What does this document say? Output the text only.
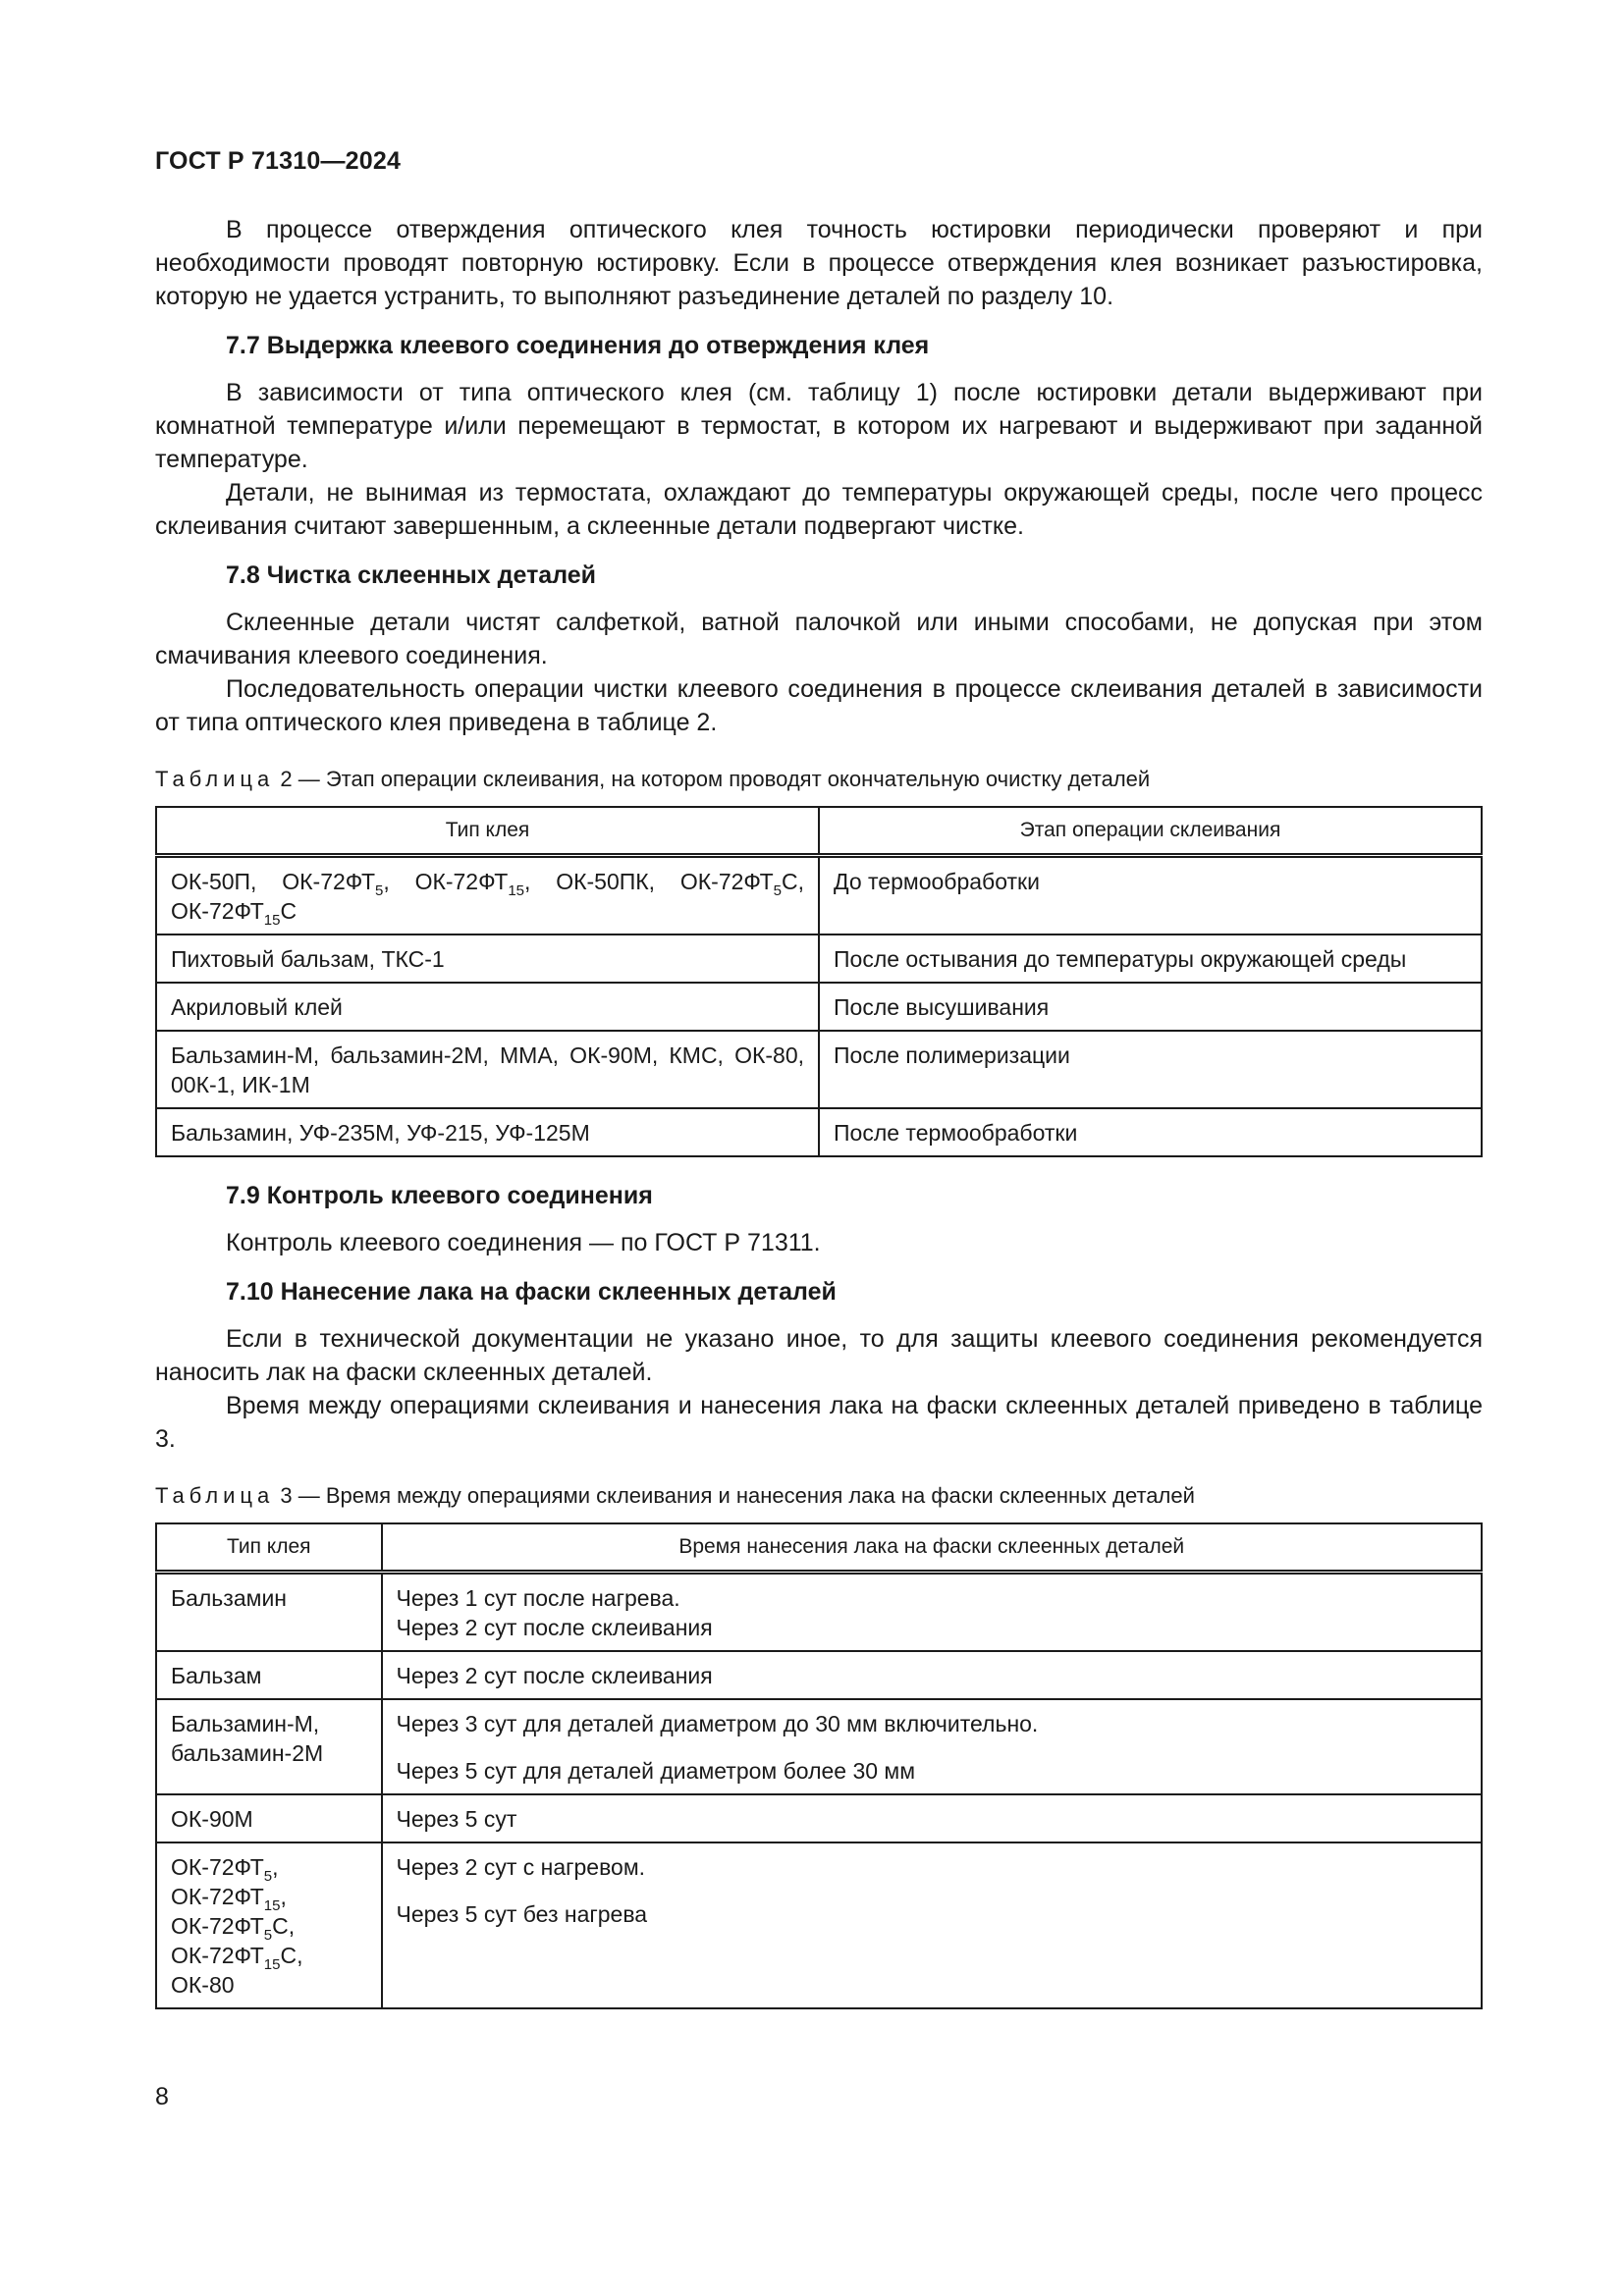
ГОСТ Р 71310—2024

В процессе отверждения оптического клея точность юстировки периодически проверяют и при необходимости проводят повторную юстировку. Если в процессе отверждения клея возникает разъюстировка, которую не удается устранить, то выполняют разъединение деталей по разделу 10.

7.7 Выдержка клеевого соединения до отверждения клея

В зависимости от типа оптического клея (см. таблицу 1) после юстировки детали выдерживают при комнатной температуре и/или перемещают в термостат, в котором их нагревают и выдерживают при заданной температуре.

Детали, не вынимая из термостата, охлаждают до температуры окружающей среды, после чего процесс склеивания считают завершенным, а склеенные детали подвергают чистке.

7.8 Чистка склеенных деталей

Склеенные детали чистят салфеткой, ватной палочкой или иными способами, не допуская при этом смачивания клеевого соединения.

Последовательность операции чистки клеевого соединения в процессе склеивания деталей в зависимости от типа оптического клея приведена в таблице 2.

Таблица 2 — Этап операции склеивания, на котором проводят окончательную очистку деталей
Тип клея	Этап операции склеивания
ОК-50П, $ОК-72ФТ_5$, $ОК-72ФТ_{15}$, ОК-50ПК, $ОК-72ФТ_5С$, $ОК-72ФТ_{15}С$	До термообработки
Пихтовый бальзам, ТКС-1	После остывания до температуры окружающей среды
Акриловый клей	После высушивания
Бальзамин-М, бальзамин-2М, ММА, ОК-90М, КМС, ОК-80, 00К-1, ИК-1М	После полимеризации
Бальзамин, УФ-235М, УФ-215, УФ-125М	После термообработки
7.9 Контроль клеевого соединения

Контроль клеевого соединения — по ГОСТ Р 71311.

7.10 Нанесение лака на фаски склеенных деталей

Если в технической документации не указано иное, то для защиты клеевого соединения рекомендуется наносить лак на фаски склеенных деталей.

Время между операциями склеивания и нанесения лака на фаски склеенных деталей приведено в таблице 3.

Таблица 3 — Время между операциями склеивания и нанесения лака на фаски склеенных деталей
Тип клея	Время нанесения лака на фаски склеенных деталей
Бальзамин	Через 1 сут после нагрева.
Через 2 сут после склеивания

Бальзам	Через 2 сут после склеивания

Бальзамин-М,
бальзамин-2М	Через 3 сут для деталей диаметром до 30 мм включительно.
Через 5 сут для деталей диаметром более 30 мм

ОК-90М	Через 5 сут

$ОК-72ФТ_5$,
$ОК-72ФТ_{15}$,
$ОК-72ФТ_5С$,
$ОК-72ФТ_{15}С$,
ОК-80	Через 2 сут с нагревом.
Через 5 сут без нагрева
8
